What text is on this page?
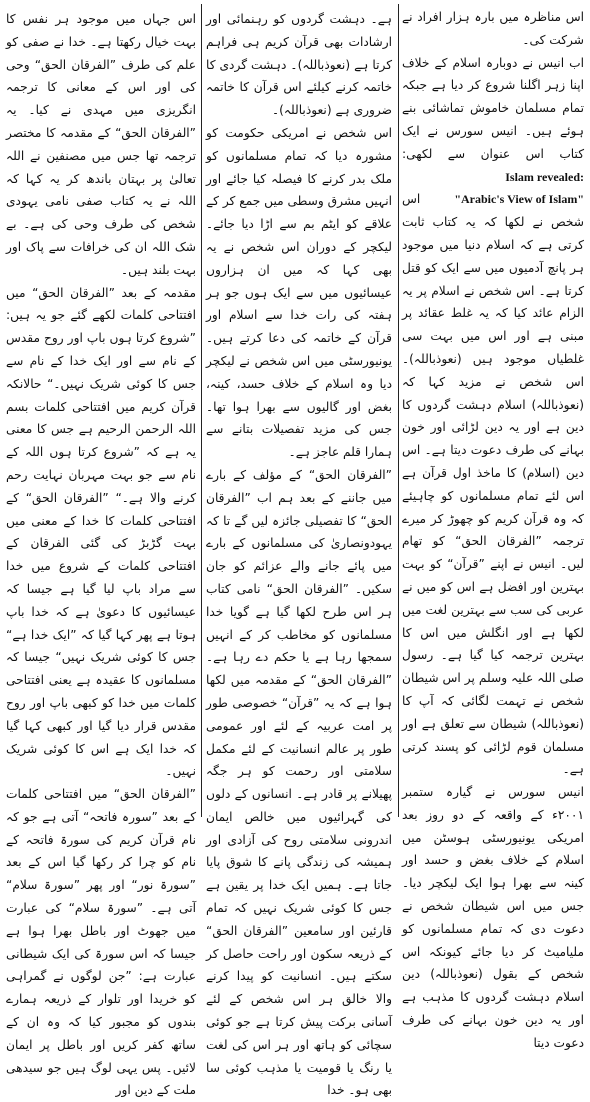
اس مناظرہ میں بارہ ہزار افراد نے شرکت کی۔

اب انیس نے دوبارہ اسلام کے خلاف اپنا زہر اگلنا شروع کر دیا ہے جبکہ تمام مسلمان خاموش تماشائی بنے ہوئے ہیں۔ انیس سورس نے ایک کتاب اس عنوان سے لکھی: Islam revealed: "Arabic's View of Islam" اس شخص نے لکھا کہ یہ کتاب ثابت کرتی ہے کہ اسلام دنیا میں موجود ہر پانچ آدمیوں میں سے ایک کو قتل کرتا ہے۔ اس شخص نے اسلام پر یہ الزام عائد کیا کہ یہ غلط عقائد پر مبنی ہے اور اس میں بہت سی غلطیاں موجود ہیں (نعوذباللہ)۔ اس شخص نے مزید کہا کہ (نعوذباللہ) اسلام دہشت گردوں کا دین ہے اور یہ دین لڑائی اور خون بہانے کی طرف دعوت دیتا ہے۔ اس دین (اسلام) کا ماخذ اول قرآن ہے اس لئے تمام مسلمانوں کو چاہیئے کہ وہ قرآن کریم کو چھوڑ کر میرے ترجمہ ”الفرقان الحق“ کو تھام لیں۔ انیس نے اپنے ”قرآن“ کو بہت بہترین اور افضل ہے اس کو میں نے عربی کی سب سے بہترین لغت میں لکھا ہے اور انگلش میں اس کا بہترین ترجمہ کیا گیا ہے۔ رسول صلی اللہ علیہ وسلم پر اس شیطان شخص نے تہمت لگائی کہ آپ کا (نعوذباللہ) شیطان سے تعلق ہے اور مسلمان قوم لڑائی کو پسند کرتی ہے۔

انیس سورس نے گیارہ ستمبر ۲۰۰۱ء کے واقعہ کے دو روز بعد امریکی یونیورسٹی ہوسٹن میں اسلام کے خلاف بغض و حسد اور کینہ سے بھرا ہوا ایک لیکچر دیا۔ جس میں اس شیطان شخص نے دعوت دی کہ تمام مسلمانوں کو ملیامیٹ کر دیا جائے کیونکہ اس شخص کے بقول (نعوذباللہ) دین اسلام دہشت گردوں کا مذہب ہے اور یہ دین خون بہانے کی طرف دعوت دیتا

ہے۔ دہشت گردوں کو رہنمائی اور ارشادات بھی قرآن کریم ہی فراہم کرتا ہے (نعوذباللہ)۔ دہشت گردی کا خاتمہ کرنے کیلئے اس قرآن کا خاتمہ ضروری ہے (نعوذباللہ)۔

اس شخص نے امریکی حکومت کو مشورہ دیا کہ تمام مسلمانوں کو ملک بدر کرنے کا فیصلہ کیا جائے اور انہیں مشرق وسطی میں جمع کر کے علاقے کو ایٹم بم سے اڑا دیا جائے۔ لیکچر کے دوران اس شخص نے یہ بھی کہا کہ میں ان ہزاروں عیسائیوں میں سے ایک ہوں جو ہر ہفتہ کی رات خدا سے اسلام اور قرآن کے خاتمہ کی دعا کرتے ہیں۔ یونیورسٹی میں اس شخص نے لیکچر دیا وہ اسلام کے خلاف حسد، کینہ، بغض اور گالیوں سے بھرا ہوا تھا۔ جس کی مزید تفصیلات بتانے سے ہمارا قلم عاجز ہے۔

”الفرقان الحق“ کے مؤلف کے بارے میں جاننے کے بعد ہم اب ”الفرقان الحق“ کا تفصیلی جائزہ لیں گے تا کہ یہودونصاریٰ کی مسلمانوں کے بارے میں پائے جانے والے عزائم کو جان سکیں۔ ”الفرقان الحق“ نامی کتاب ہر اس طرح لکھا گیا ہے گویا خدا مسلمانوں کو مخاطب کر کے انہیں سمجھا رہا ہے یا حکم دے رہا ہے۔ ”الفرقان الحق“ کے مقدمہ میں لکھا ہوا ہے کہ یہ ”قرآن“ خصوصی طور پر امت عربیہ کے لئے اور عمومی طور پر عالم انسانیت کے لئے مکمل سلامتی اور رحمت کو ہر جگہ پھیلانے پر قادر ہے۔ انسانوں کے دلوں کی گہرائیوں میں خالص ایمان اندرونی سلامتی روح کی آزادی اور ہمیشہ کی زندگی پانے کا شوق پایا جاتا ہے۔ ہمیں ایک خدا پر یقین ہے جس کا کوئی شریک نہیں کہ تمام قارئین اور سامعین ”الفرقان الحق“ کے ذریعہ سکون اور راحت حاصل کر سکتے ہیں۔ انسانیت کو پیدا کرنے والا خالق ہر اس شخص کے لئے آسانی برکت پیش کرتا ہے جو کوئی سچائی کو ہاتھ اور ہر اس کی لغت یا رنگ یا قومیت یا مذہب کوئی سا بھی ہو۔ خدا

اس جہاں میں موجود ہر نفس کا بہت خیال رکھتا ہے۔ خدا نے صفی کو علم کی طرف ”الفرقان الحق“ وحی کی اور اس کے معانی کا ترجمہ انگریزی میں مہدی نے کیا۔ یہ ”الفرقان الحق“ کے مقدمہ کا مختصر ترجمہ تھا جس میں مصنفین نے اللہ تعالیٰ پر بہتان باندھ کر یہ کہا کہ اللہ نے یہ کتاب صفی نامی یہودی شخص کی طرف وحی کی ہے۔ بے شک اللہ ان کی خرافات سے پاک اور بہت بلند ہیں۔

مقدمہ کے بعد ”الفرقان الحق“ میں افتتاحی کلمات لکھے گئے جو یہ ہیں: ”شروع کرتا ہوں باپ اور روح مقدس کے نام سے اور ایک خدا کے نام سے جس کا کوئی شریک نہیں۔“ حالانکہ قرآن کریم میں افتتاحی کلمات بسم اللہ الرحمن الرحیم ہے جس کا معنی یہ ہے کہ ”شروع کرتا ہوں اللہ کے نام سے جو بہت مہربان نہایت رحم کرنے والا ہے۔“ ”الفرقان الحق“ کے افتتاحی کلمات کا خدا کے معنی میں بہت گڑبڑ کی گئی الفرقان کے افتتاحی کلمات کے شروع میں خدا سے مراد باپ لیا گیا ہے جیسا کہ عیسائیوں کا دعویٰ ہے کہ خدا باپ ہوتا ہے پھر کہا گیا کہ ”ایک خدا ہے“ جس کا کوئی شریک نہیں“ جیسا کہ مسلمانوں کا عقیدہ ہے یعنی افتتاحی کلمات میں خدا کو کبھی باپ اور روح مقدس قرار دیا گیا اور کبھی کہا گیا کہ خدا ایک ہے اس کا کوئی شریک نہیں۔

”الفرقان الحق“ میں افتتاحی کلمات کے بعد ”سورہ فاتحہ“ آتی ہے جو کہ نام قرآن کریم کی سورۃ فاتحہ کے نام کو چرا کر رکھا گیا اس کے بعد ”سورۃ نور“ اور پھر ”سورۃ سلام“ آتی ہے۔ ”سورۃ سلام“ کی عبارت میں جھوٹ اور باطل بھرا ہوا ہے جیسا کہ اس سورۃ کی ایک شیطانی عبارت ہے: ”جن لوگوں نے گمراہی کو خریدا اور تلوار کے ذریعہ ہمارے بندوں کو مجبور کیا کہ وہ ان کے ساتھ کفر کریں اور باطل پر ایمان لائیں۔ پس یہی لوگ ہیں جو سیدھی ملت کے دین اور
